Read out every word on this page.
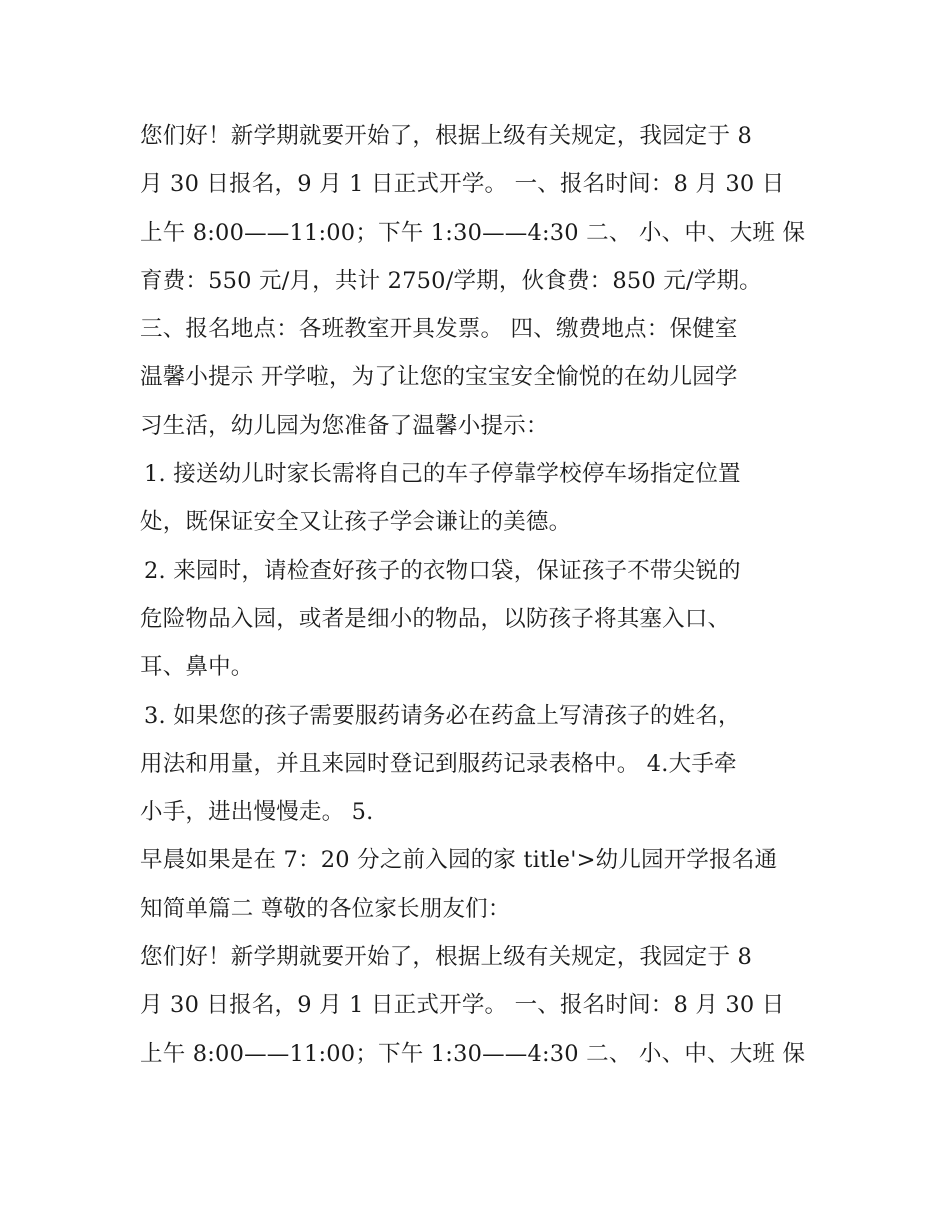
您们好！新学期就要开始了，根据上级有关规定，我园定于 8
月 30 日报名，9 月 1 日正式开学。 一、报名时间：8 月 30 日
上午 8:00——11:00；下午 1:30——4:30 二、 小、中、大班 保
育费：550 元/月，共计 2750/学期，伙食费：850 元/学期。
三、报名地点：各班教室开具发票。 四、缴费地点：保健室
温馨小提示 开学啦，为了让您的宝宝安全愉悦的在幼儿园学
习生活，幼儿园为您准备了温馨小提示：
1. 接送幼儿时家长需将自己的车子停靠学校停车场指定位置
处，既保证安全又让孩子学会谦让的美德。
2. 来园时，请检查好孩子的衣物口袋，保证孩子不带尖锐的
危险物品入园，或者是细小的物品，以防孩子将其塞入口、
耳、鼻中。
3. 如果您的孩子需要服药请务必在药盒上写清孩子的姓名，
用法和用量，并且来园时登记到服药记录表格中。 4.大手牵
小手，进出慢慢走。 5.
早晨如果是在 7：20 分之前入园的家 title'>幼儿园开学报名通
知简单篇二 尊敬的各位家长朋友们：
您们好！新学期就要开始了，根据上级有关规定，我园定于 8
月 30 日报名，9 月 1 日正式开学。 一、报名时间：8 月 30 日
上午 8:00——11:00；下午 1:30——4:30 二、 小、中、大班 保
